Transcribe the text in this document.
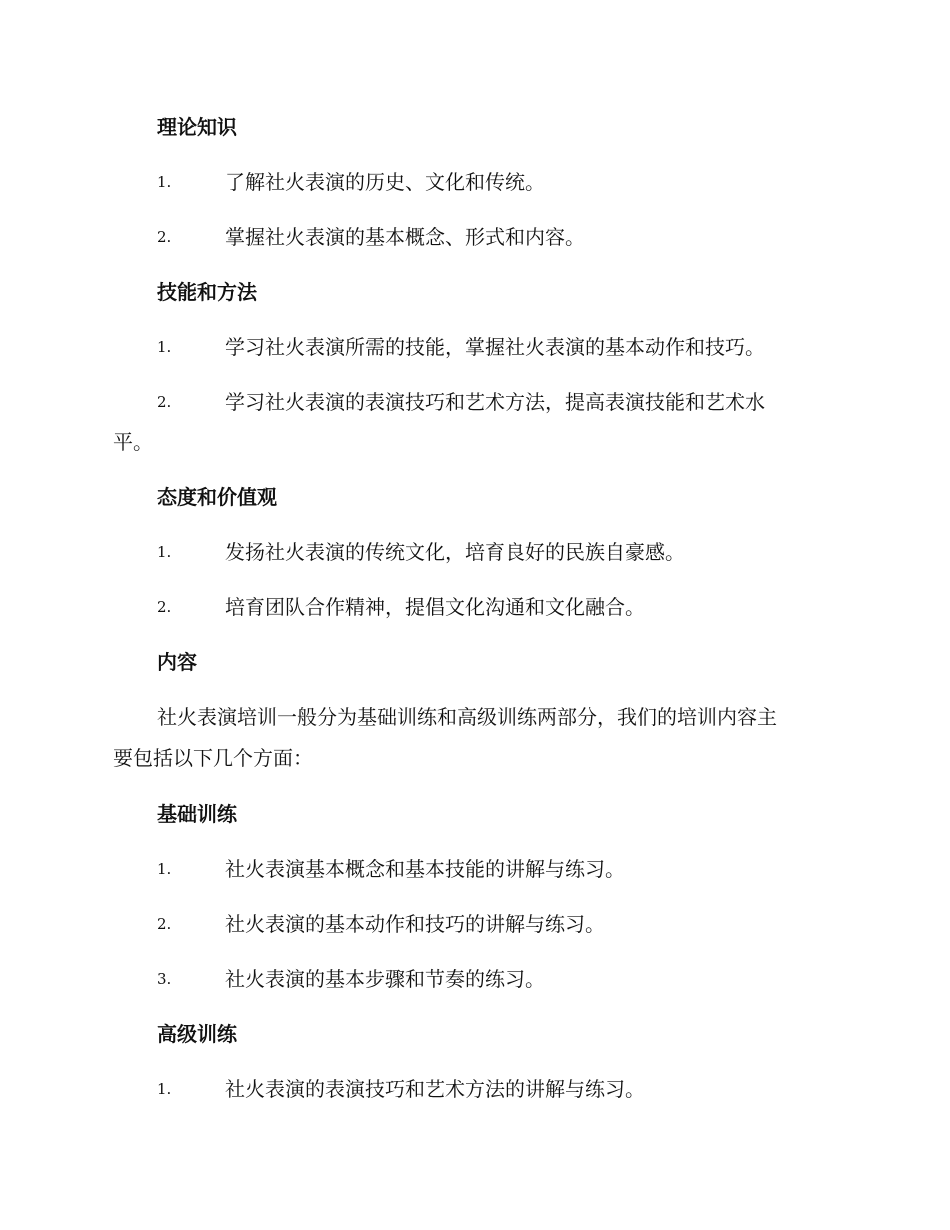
理论知识
1.	了解社火表演的历史、文化和传统。
2.	掌握社火表演的基本概念、形式和内容。
技能和方法
1.	学习社火表演所需的技能，掌握社火表演的基本动作和技巧。
2.	学习社火表演的表演技巧和艺术方法，提高表演技能和艺术水
平。
态度和价值观
1.	发扬社火表演的传统文化，培育良好的民族自豪感。
2.	培育团队合作精神，提倡文化沟通和文化融合。
内容
社火表演培训一般分为基础训练和高级训练两部分，我们的培训内容主
要包括以下几个方面：
基础训练
1.	社火表演基本概念和基本技能的讲解与练习。
2.	社火表演的基本动作和技巧的讲解与练习。
3.	社火表演的基本步骤和节奏的练习。
高级训练
1.	社火表演的表演技巧和艺术方法的讲解与练习。
